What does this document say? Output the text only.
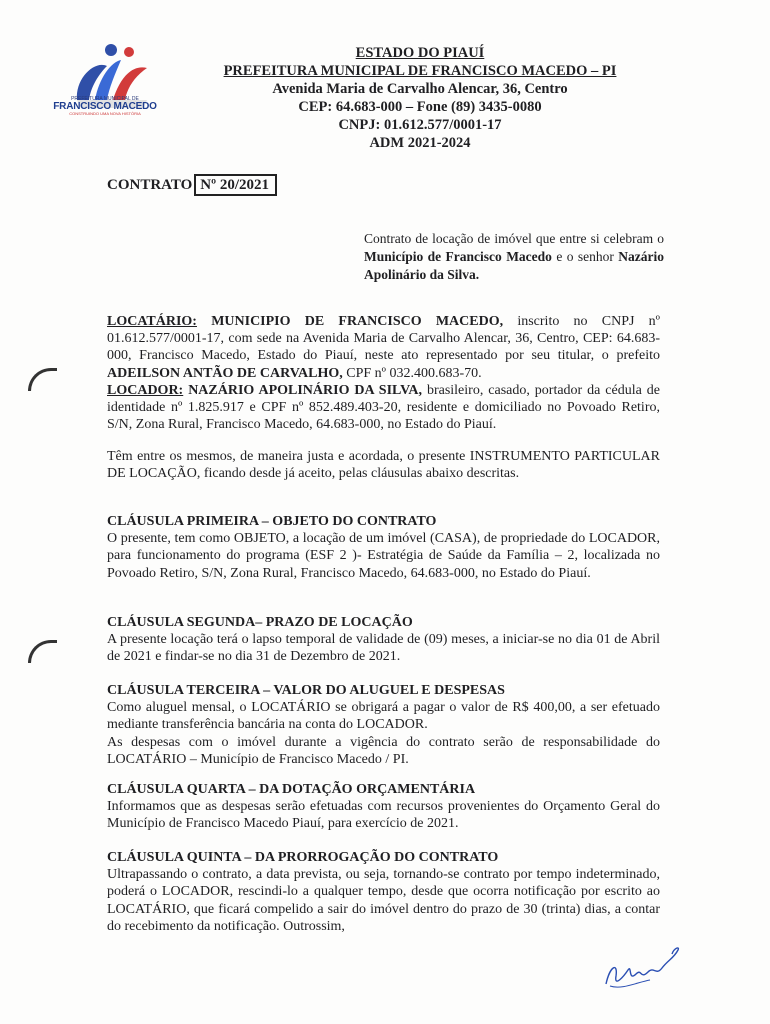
PREFEITURA MUNICIPAL DE
FRANCISCO MACEDO
CONSTRUINDO UMA NOVA HISTÓRIA
ESTADO DO PIAUÍ
PREFEITURA MUNICIPAL DE FRANCISCO MACEDO – PI
Avenida Maria de Carvalho Alencar, 36, Centro
CEP: 64.683-000 – Fone (89) 3435-0080
CNPJ: 01.612.577/0001-17
ADM 2021-2024
CONTRATO Nº 20/2021
Contrato de locação de imóvel que entre si celebram o Município de Francisco Macedo e o senhor Nazário Apolinário da Silva.
LOCATÁRIO: MUNICIPIO DE FRANCISCO MACEDO, inscrito no CNPJ nº 01.612.577/0001-17, com sede na Avenida Maria de Carvalho Alencar, 36, Centro, CEP: 64.683-000, Francisco Macedo, Estado do Piauí, neste ato representado por seu titular, o prefeito ADEILSON ANTÃO DE CARVALHO, CPF nº 032.400.683-70.
LOCADOR: NAZÁRIO APOLINÁRIO DA SILVA, brasileiro, casado, portador da cédula de identidade nº 1.825.917 e CPF nº 852.489.403-20, residente e domiciliado no Povoado Retiro, S/N, Zona Rural, Francisco Macedo, 64.683-000, no Estado do Piauí.
Têm entre os mesmos, de maneira justa e acordada, o presente INSTRUMENTO PARTICULAR DE LOCAÇÃO, ficando desde já aceito, pelas cláusulas abaixo descritas.
CLÁUSULA PRIMEIRA – OBJETO DO CONTRATO
O presente, tem como OBJETO, a locação de um imóvel (CASA), de propriedade do LOCADOR, para funcionamento do programa (ESF 2 )- Estratégia de Saúde da Família – 2, localizada no Povoado Retiro, S/N, Zona Rural, Francisco Macedo, 64.683-000, no Estado do Piauí.
CLÁUSULA SEGUNDA– PRAZO DE LOCAÇÃO
A presente locação terá o lapso temporal de validade de (09) meses, a iniciar-se no dia 01 de Abril de 2021 e findar-se no dia 31 de Dezembro de 2021.
CLÁUSULA TERCEIRA – VALOR DO ALUGUEL E DESPESAS
Como aluguel mensal, o LOCATÁRIO se obrigará a pagar o valor de R$ 400,00, a ser efetuado mediante transferência bancária na conta do LOCADOR.
As despesas com o imóvel durante a vigência do contrato serão de responsabilidade do LOCATÁRIO – Município de Francisco Macedo / PI.
CLÁUSULA QUARTA – DA DOTAÇÃO ORÇAMENTÁRIA
Informamos que as despesas serão efetuadas com recursos provenientes do Orçamento Geral do Município de Francisco Macedo Piauí, para exercício de 2021.
CLÁUSULA QUINTA – DA PRORROGAÇÃO DO CONTRATO
Ultrapassando o contrato, a data prevista, ou seja, tornando-se contrato por tempo indeterminado, poderá o LOCADOR, rescindi-lo a qualquer tempo, desde que ocorra notificação por escrito ao LOCATÁRIO, que ficará compelido a sair do imóvel dentro do prazo de 30 (trinta) dias, a contar do recebimento da notificação. Outrossim,
